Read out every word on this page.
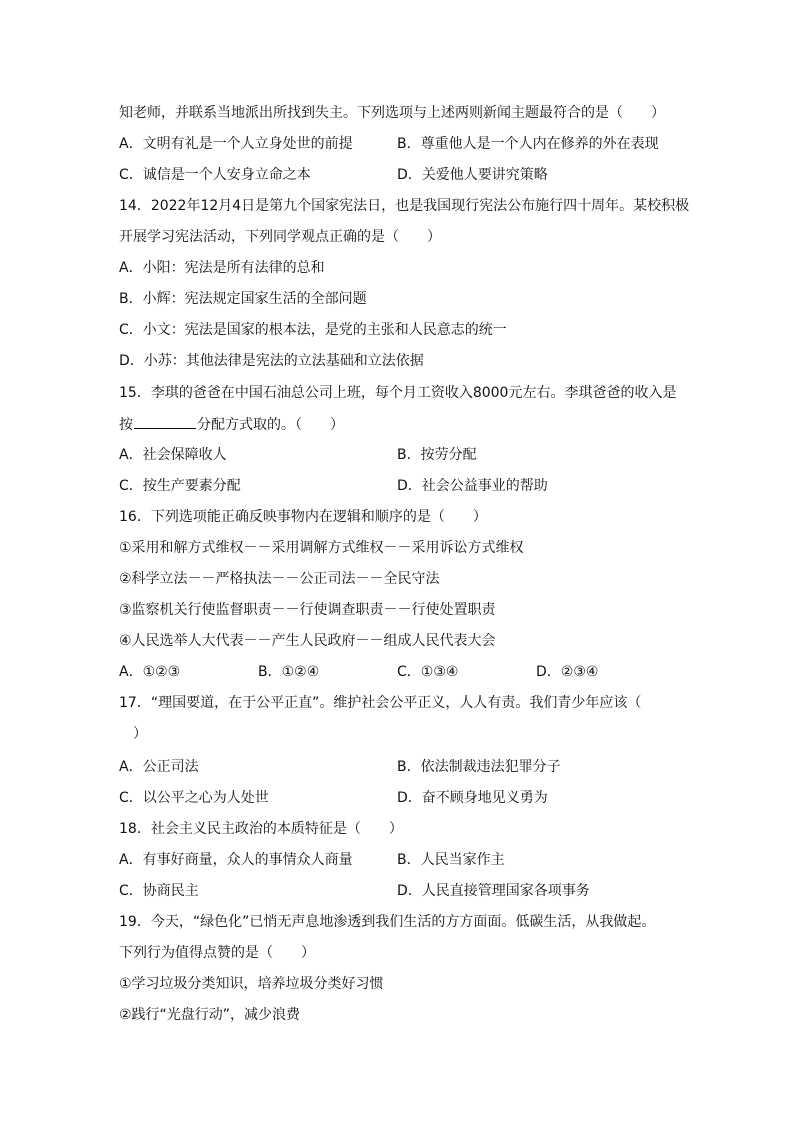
知老师，并联系当地派出所找到失主。下列选项与上述两则新闻主题最符合的是（　　）
A．文明有礼是一个人立身处世的前提	B．尊重他人是一个人内在修养的外在表现
C．诚信是一个人安身立命之本	D．关爱他人要讲究策略
14．2022年12月4日是第九个国家宪法日，也是我国现行宪法公布施行四十周年。某校积极
开展学习宪法活动，下列同学观点正确的是（　　）
A．小阳：宪法是所有法律的总和
B．小辉：宪法规定国家生活的全部问题
C．小文：宪法是国家的根本法，是党的主张和人民意志的统一
D．小苏：其他法律是宪法的立法基础和立法依据
15．李琪的爸爸在中国石油总公司上班，每个月工资收入8000元左右。李琪爸爸的收入是
按	分配方式取的。（　　）
A．社会保障收人	B．按劳分配
C．按生产要素分配	D．社会公益事业的帮助
16．下列选项能正确反映事物内在逻辑和顺序的是（　　）
①采用和解方式维权－－采用调解方式维权－－采用诉讼方式维权
②科学立法－－严格执法－－公正司法－－全民守法
③监察机关行使监督职责－－行使调查职责－－行使处置职责
④人民选举人大代表－－产生人民政府－－组成人民代表大会
A．①②③	B．①②④	C．①③④	D．②③④
17．“理国要道，在于公平正直”。维护社会公平正义，人人有责。我们青少年应该（
　）
A．公正司法	B．依法制裁违法犯罪分子
C．以公平之心为人处世	D．奋不顾身地见义勇为
18．社会主义民主政治的本质特征是（　　）
A．有事好商量，众人的事情众人商量	B．人民当家作主
C．协商民主	D．人民直接管理国家各项事务
19．今天，“绿色化”已悄无声息地渗透到我们生活的方方面面。低碳生活，从我做起。
下列行为值得点赞的是（　　）
①学习垃圾分类知识，培养垃圾分类好习惯
②践行“光盘行动”，减少浪费
